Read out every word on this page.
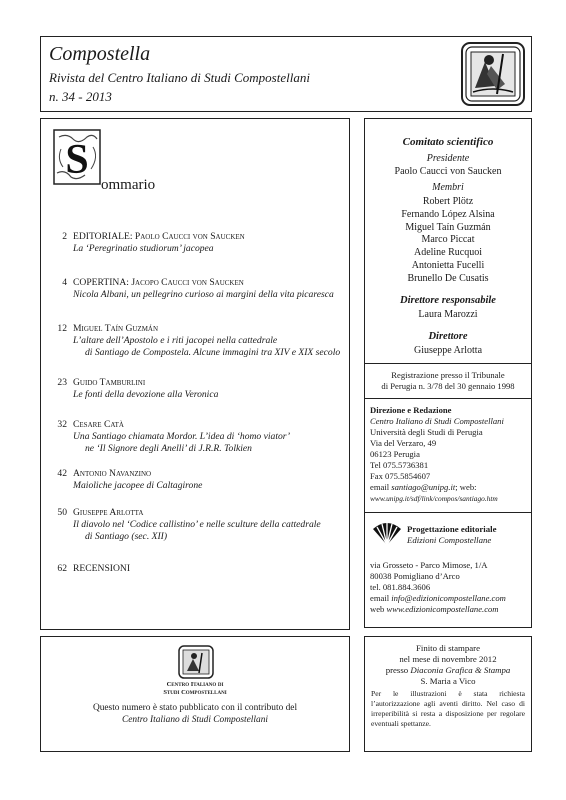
Compostella
Rivista del Centro Italiano di Studi Compostellani
n. 34 - 2013
S
ommario
2 EDITORIALE: Paolo Caucci von Saucken
La ‘Peregrinatio studiorum’ jacopea
4 COPERTINA: Jacopo Caucci von Saucken
Nicola Albani, un pellegrino curioso ai margini della vita picaresca
12 Miguel Taín Guzmán
L’altare dell’Apostolo e i riti jacopei nella cattedrale
di Santiago de Compostela. Alcune immagini tra XIV e XIX secolo
23 Guido Tamburlini
Le fonti della devozione alla Veronica
32 Cesare Catà
Una Santiago chiamata Mordor. L’idea di ‘homo viator’
ne ‘Il Signore degli Anelli’ di J.R.R. Tolkien
42 Antonio Navanzino
Maioliche jacopee di Caltagirone
50 Giuseppe Arlotta
Il diavolo nel ‘Codice callistino’ e nelle sculture della cattedrale
di Santiago (sec. XII)
62 RECENSIONI
Comitato scientifico
Presidente
Paolo Caucci von Saucken
Membri
Robert Plötz
Fernando López Alsina
Miguel Taín Guzmán
Marco Piccat
Adeline Rucquoi
Antonietta Fucelli
Brunello De Cusatis
Direttore responsabile
Laura Marozzi
Direttore
Giuseppe Arlotta
Registrazione presso il Tribunale
di Perugia n. 3/78 del 30 gennaio 1998
Direzione e Redazione
Centro Italiano di Studi Compostellani
Università degli Studi di Perugia
Via del Verzaro, 49
06123 Perugia
Tel 075.5736381
Fax 075.5854607
email santiago@unipg.it; web:
www.unipg.it/sdf/link/compos/santiago.htm
Progettazione editoriale
Edizioni Compostellane
via Grosseto - Parco Mimose, 1/A
80038 Pomigliano d’Arco
tel. 081.884.3606
email info@edizionicompostellane.com
web www.edizionicompostellane.com
Centro Italiano di
Studi Compostellani
Questo numero è stato pubblicato con il contributo del
Centro Italiano di Studi Compostellani
Finito di stampare
nel mese di novembre 2012
presso Diaconia Grafica & Stampa
S. Maria a Vico
Per le illustrazioni è stata richiesta l’autorizzazione agli aventi diritto. Nel caso di irreperibilità si resta a disposizione per regolare eventuali spettanze.
